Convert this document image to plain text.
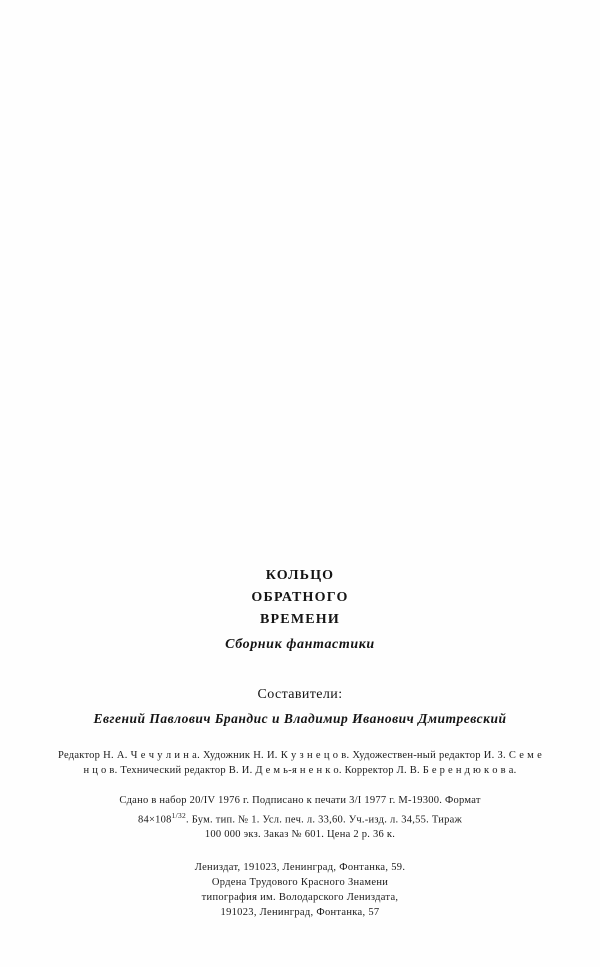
КОЛЬЦО
ОБРАТНОГО
ВРЕМЕНИ
Сборник фантастики
Составители:
Евгений Павлович Брандис и Владимир Иванович Дмитревский

Редактор Н. А. Ч е ч у л и н а. Художник Н. И. К у з н е ц о в. Художествен-ный редактор И. З. С е м е н ц о в. Технический редактор В. И. Д е м ь-я н е н к о. Корректор Л. В. Б е р е н д ю к о в а.

Сдано в набор 20/IV 1976 г. Подписано к печати 3/I 1977 г. М-19300. Формат

$84\times 108^{1/32}$. Бум. тип. № 1. Усл. печ. л. 33,60. Уч.-изд. л. 34,55. Тираж

100 000 экз. Заказ № 601. Цена 2 р. 36 к.

Лениздат, 191023, Ленинград, Фонтанка, 59.

Ордена Трудового Красного Знамени

типография им. Володарского Лениздата,

191023, Ленинград, Фонтанка, 57
